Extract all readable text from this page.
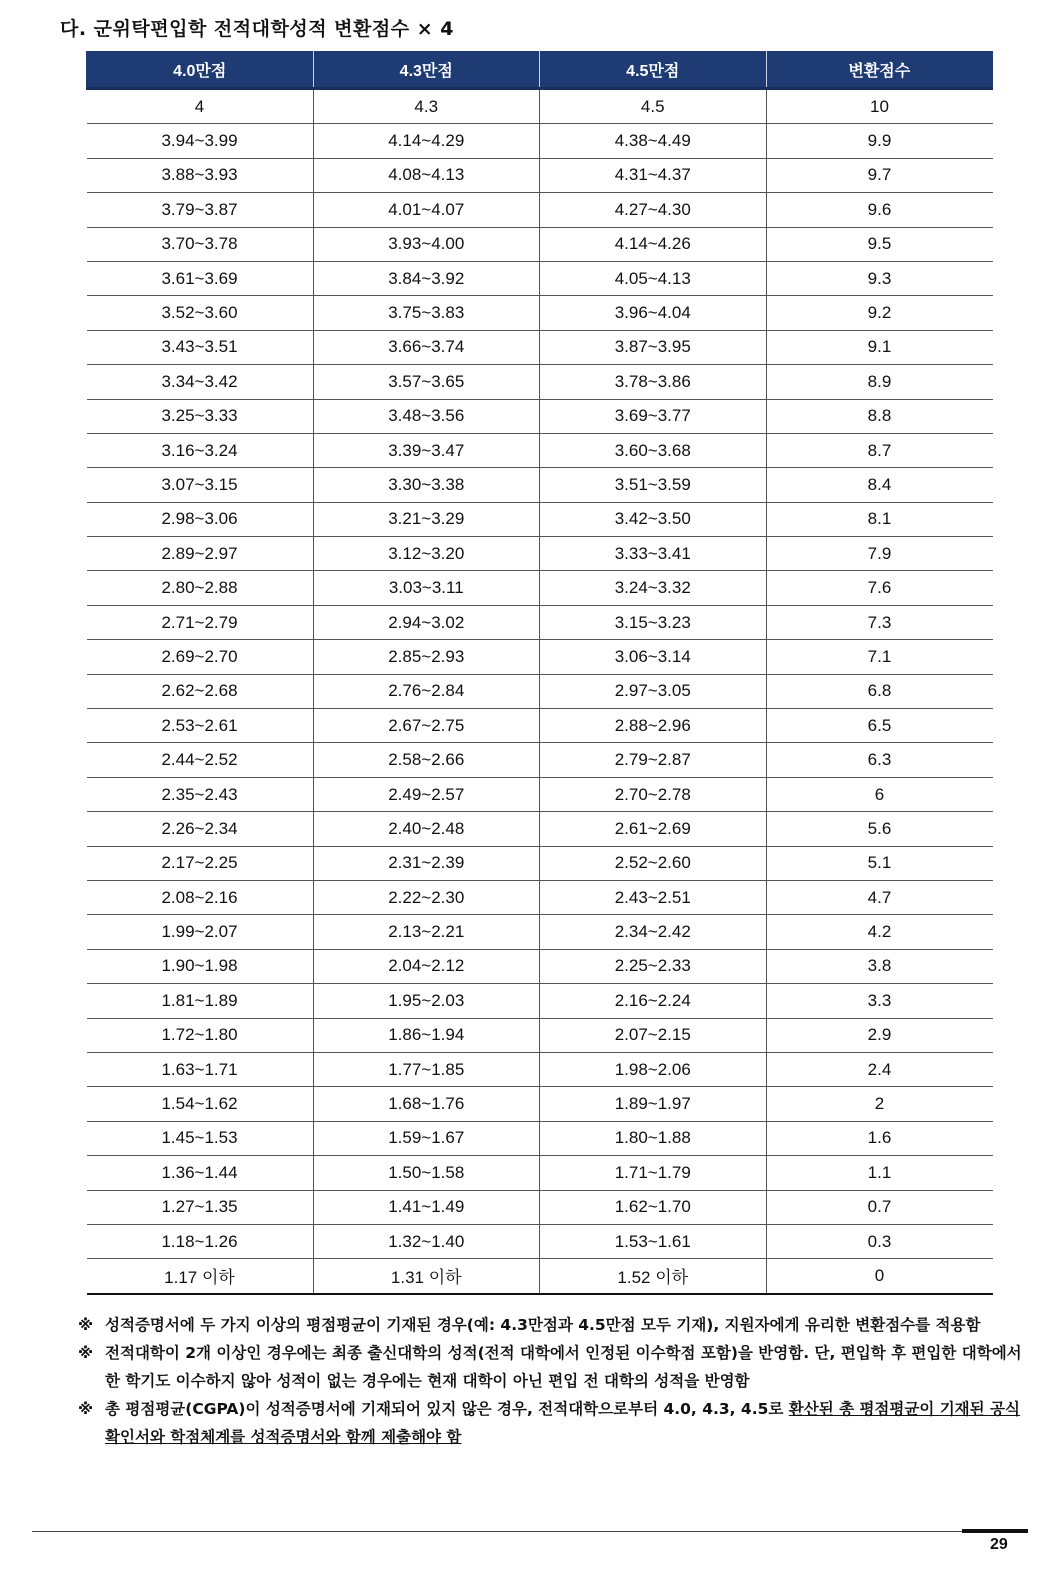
다. 군위탁편입학 전적대학성적 변환점수 × 4
4.0만점	4.3만점	4.5만점	변환점수
4	4.3	4.5	10
3.94~3.99	4.14~4.29	4.38~4.49	9.9
3.88~3.93	4.08~4.13	4.31~4.37	9.7
3.79~3.87	4.01~4.07	4.27~4.30	9.6
3.70~3.78	3.93~4.00	4.14~4.26	9.5
3.61~3.69	3.84~3.92	4.05~4.13	9.3
3.52~3.60	3.75~3.83	3.96~4.04	9.2
3.43~3.51	3.66~3.74	3.87~3.95	9.1
3.34~3.42	3.57~3.65	3.78~3.86	8.9
3.25~3.33	3.48~3.56	3.69~3.77	8.8
3.16~3.24	3.39~3.47	3.60~3.68	8.7
3.07~3.15	3.30~3.38	3.51~3.59	8.4
2.98~3.06	3.21~3.29	3.42~3.50	8.1
2.89~2.97	3.12~3.20	3.33~3.41	7.9
2.80~2.88	3.03~3.11	3.24~3.32	7.6
2.71~2.79	2.94~3.02	3.15~3.23	7.3
2.69~2.70	2.85~2.93	3.06~3.14	7.1
2.62~2.68	2.76~2.84	2.97~3.05	6.8
2.53~2.61	2.67~2.75	2.88~2.96	6.5
2.44~2.52	2.58~2.66	2.79~2.87	6.3
2.35~2.43	2.49~2.57	2.70~2.78	6
2.26~2.34	2.40~2.48	2.61~2.69	5.6
2.17~2.25	2.31~2.39	2.52~2.60	5.1
2.08~2.16	2.22~2.30	2.43~2.51	4.7
1.99~2.07	2.13~2.21	2.34~2.42	4.2
1.90~1.98	2.04~2.12	2.25~2.33	3.8
1.81~1.89	1.95~2.03	2.16~2.24	3.3
1.72~1.80	1.86~1.94	2.07~2.15	2.9
1.63~1.71	1.77~1.85	1.98~2.06	2.4
1.54~1.62	1.68~1.76	1.89~1.97	2
1.45~1.53	1.59~1.67	1.80~1.88	1.6
1.36~1.44	1.50~1.58	1.71~1.79	1.1
1.27~1.35	1.41~1.49	1.62~1.70	0.7
1.18~1.26	1.32~1.40	1.53~1.61	0.3
1.17 이하	1.31 이하	1.52 이하	0
※ 성적증명서에 두 가지 이상의 평점평균이 기재된 경우(예: 4.3만점과 4.5만점 모두 기재), 지원자에게 유리한 변환점수를 적용함
※ 전적대학이 2개 이상인 경우에는 최종 출신대학의 성적(전적 대학에서 인정된 이수학점 포함)을 반영함. 단, 편입학 후 편입한 대학에서 한 학기도 이수하지 않아 성적이 없는 경우에는 현재 대학이 아닌 편입 전 대학의 성적을 반영함
※ 총 평점평균(CGPA)이 성적증명서에 기재되어 있지 않은 경우, 전적대학으로부터 4.0, 4.3, 4.5로 환산된 총 평점평균이 기재된 공식 확인서와 학점체계를 성적증명서와 함께 제출해야 함
29
